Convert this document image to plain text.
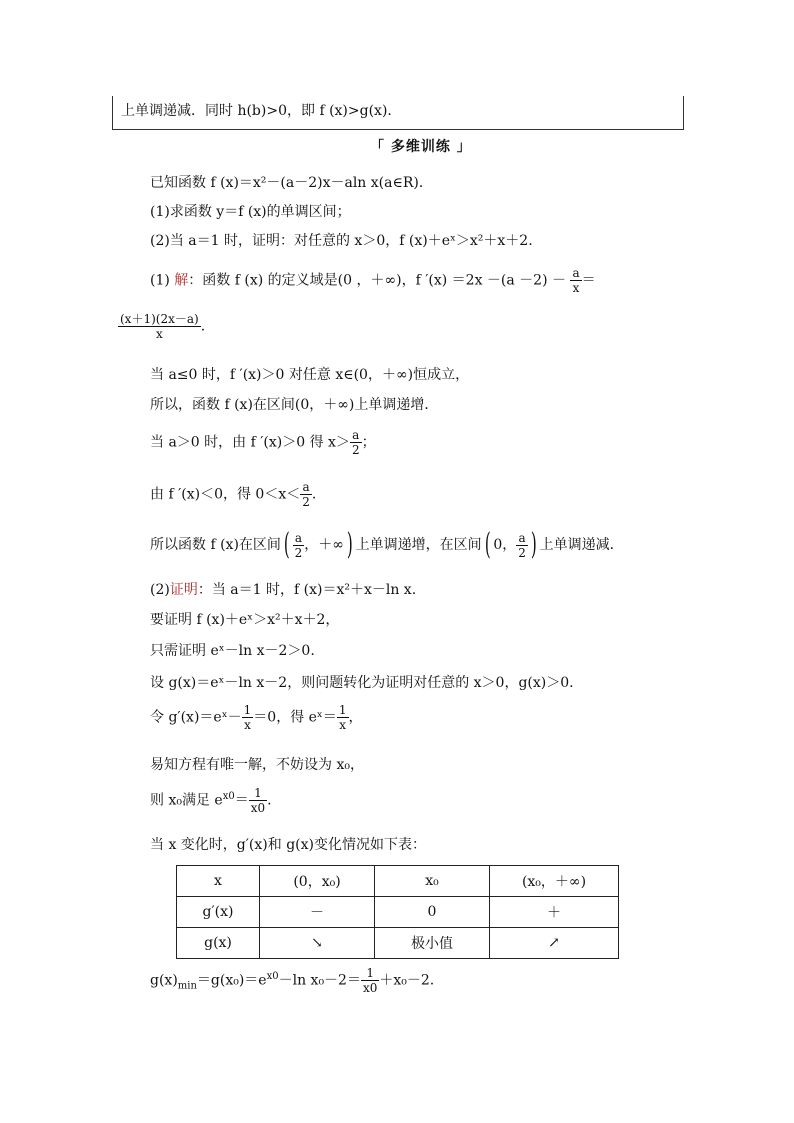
上单调递减．同时 h(b)>0，即 f (x)>g(x)．
「 多维训练 」
已知函数 f (x)＝x²－(a－2)x－aln x(a∈R)．
(1)求函数 y＝f (x)的单调区间；
(2)当 a＝1 时，证明：对任意的 x＞0，f (x)＋eˣ＞x²＋x＋2.
(1) 解：函数 f (x) 的定义域是(0 ，＋∞)，f $'(x) =2x -(a -2) - \frac{a}{x}$ ＝
$\frac{(x+1)(2x-a)}{x}$ .
当 a≤0 时，f ′(x)＞0 对任意 x∈(0，＋∞)恒成立，
所以，函数 f (x)在区间(0，＋∞)上单调递增．
当 a＞0 时，由 f ′(x)＞0 得 $x> \frac{a}{2}$ ；
由 f ′(x)＜0，得 $0<x< \frac{a}{2}$ .
所以函数 f (x)在区间( $\frac{a}{2}$ ，＋∞) 上单调递增，在区间( 0， $\frac{a}{2}$ ) 上单调递减．
(2)证明：当 a＝1 时，f (x)＝x²＋x－ln x.
要证明 f (x)＋eˣ＞x²＋x＋2，
只需证明 eˣ－ln x－2＞0.
设 g(x)＝eˣ－ln x－2，则问题转化为证明对任意的 x＞0，g(x)＞0.
令 g′(x)＝eˣ－ $\frac{1}{x} =0$，得 eˣ＝ $\frac{1}{x}$ ，
易知方程有唯一解，不妨设为 x₀，
则 x₀满足 $e^{x0}= \frac{1}{x0}$ .
当 x 变化时，g′(x)和 g(x)变化情况如下表：
x	(0，x₀)	x₀	(x₀，＋∞)
g′(x)	－	0	＋
g(x)	↘	极小值	↗
$g(x)_{min}=g(x_0)=e^{x0}-\ln$ $x_0-2= \frac{1}{x0} +x_0-2$.
